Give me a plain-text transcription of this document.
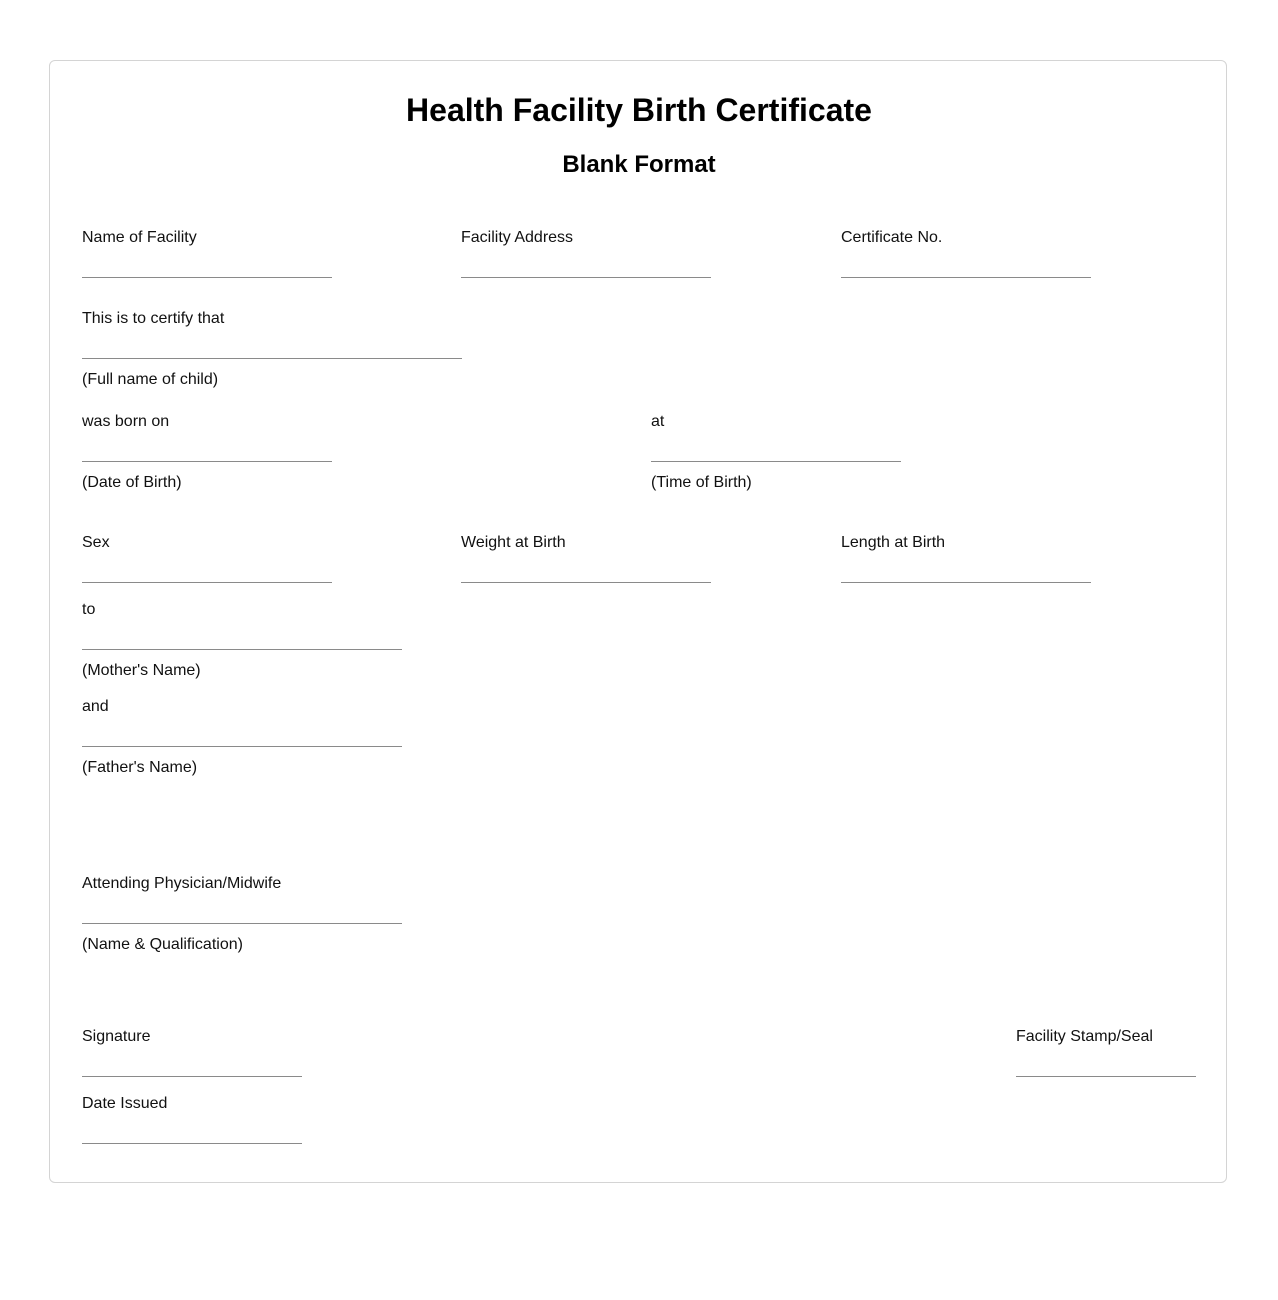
Health Facility Birth Certificate
Blank Format
Name of Facility	Facility Address	Certificate No.
This is to certify that
(Full name of child)
was born on
(Date of Birth)
at
(Time of Birth)
Sex	Weight at Birth	Length at Birth
to
(Mother's Name)
and
(Father's Name)
Attending Physician/Midwife
(Name & Qualification)
Signature	Facility Stamp/Seal
Date Issued
